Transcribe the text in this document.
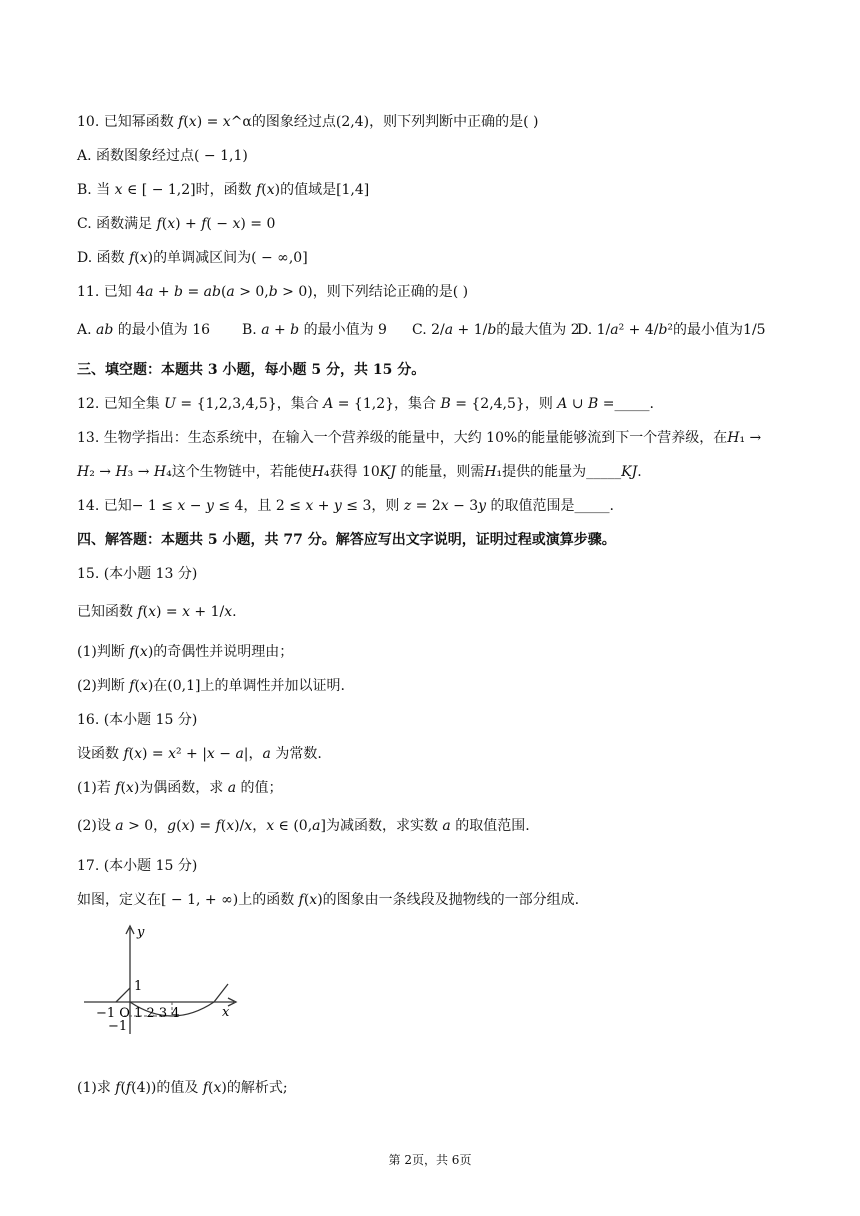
10. 已知幂函数 𝑓(𝑥) = 𝑥^α的图象经过点(2,4)，则下列判断中正确的是( )
A. 函数图象经过点( − 1,1)
B. 当 𝑥 ∈ [ − 1,2]时，函数 𝑓(𝑥)的值域是[1,4]
C. 函数满足 𝑓(𝑥) + 𝑓( − 𝑥) = 0
D. 函数 𝑓(𝑥)的单调减区间为( − ∞,0]
11. 已知 4𝑎 + 𝑏 = 𝑎𝑏(𝑎 > 0,𝑏 > 0)，则下列结论正确的是( )
A. 𝑎𝑏 的最小值为 16	B. 𝑎 + 𝑏 的最小值为 9	C. 2/𝑎 + 1/𝑏的最大值为 2
D. 1/𝑎² + 4/𝑏²的最小值为1/5
三、填空题：本题共 3 小题，每小题 5 分，共 15 分。
12. 已知全集 𝑈 = {1,2,3,4,5}，集合 𝐴 = {1,2}，集合 𝐵 = {2,4,5}，则 𝐴 ∪ 𝐵 =_____.
13. 生物学指出：生态系统中，在输入一个营养级的能量中，大约 10%的能量能够流到下一个营养级，在𝐻₁ →
𝐻₂ → 𝐻₃ → 𝐻₄这个生物链中，若能使𝐻₄获得 10𝐾𝐽 的能量，则需𝐻₁提供的能量为_____𝐾𝐽.
14. 已知− 1 ≤ 𝑥 − 𝑦 ≤ 4，且 2 ≤ 𝑥 + 𝑦 ≤ 3，则 𝑧 = 2𝑥 − 3𝑦 的取值范围是_____.
四、解答题：本题共 5 小题，共 77 分。解答应写出文字说明，证明过程或演算步骤。
15. (本小题 13 分)
已知函数 𝑓(𝑥) = 𝑥 + 1/𝑥.
(1)判断 𝑓(𝑥)的奇偶性并说明理由；
(2)判断 𝑓(𝑥)在(0,1]上的单调性并加以证明.
16. (本小题 15 分)
设函数 𝑓(𝑥) = 𝑥² + |𝑥 − 𝑎|，𝑎 为常数.
(1)若 𝑓(𝑥)为偶函数，求 𝑎 的值；
(2)设 𝑎 > 0，𝑔(𝑥) = 𝑓(𝑥)/𝑥，𝑥 ∈ (0,𝑎]为减函数，求实数 𝑎 的取值范围.
17. (本小题 15 分)
如图，定义在[ − 1, + ∞)上的函数 𝑓(𝑥)的图象由一条线段及抛物线的一部分组成.
y
x
1
−1 O 1 2 3 4
−1
(1)求 𝑓(𝑓(4))的值及 𝑓(𝑥)的解析式;
第 2页，共 6页
